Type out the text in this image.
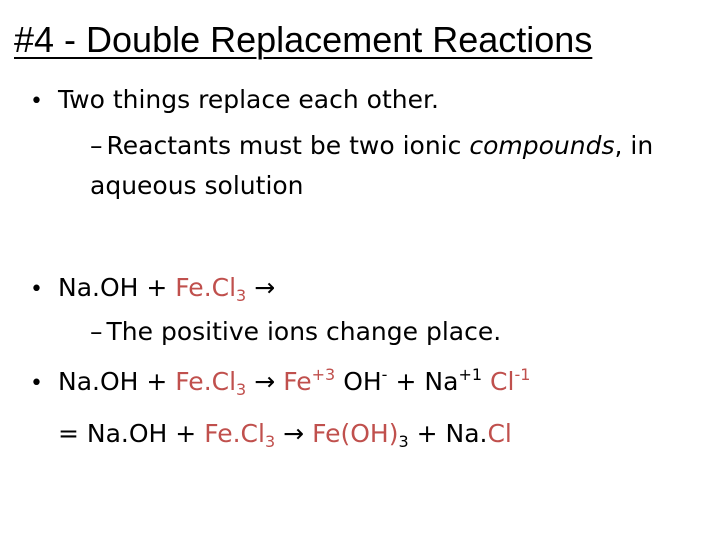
#4 - Double Replacement Reactions
• Two things replace each other.
– Reactants must be two ionic compounds, in
aqueous solution
• $Na.OH + Fe.Cl_3$ →
– The positive ions change place.
• $Na.OH + Fe.Cl_3 \to Fe^{+3}$ $OH^- + Na^{+1}$ $Cl^{-1}$
= $Na.OH + Fe.Cl_3 \to Fe(OH)_3 + Na.Cl$
